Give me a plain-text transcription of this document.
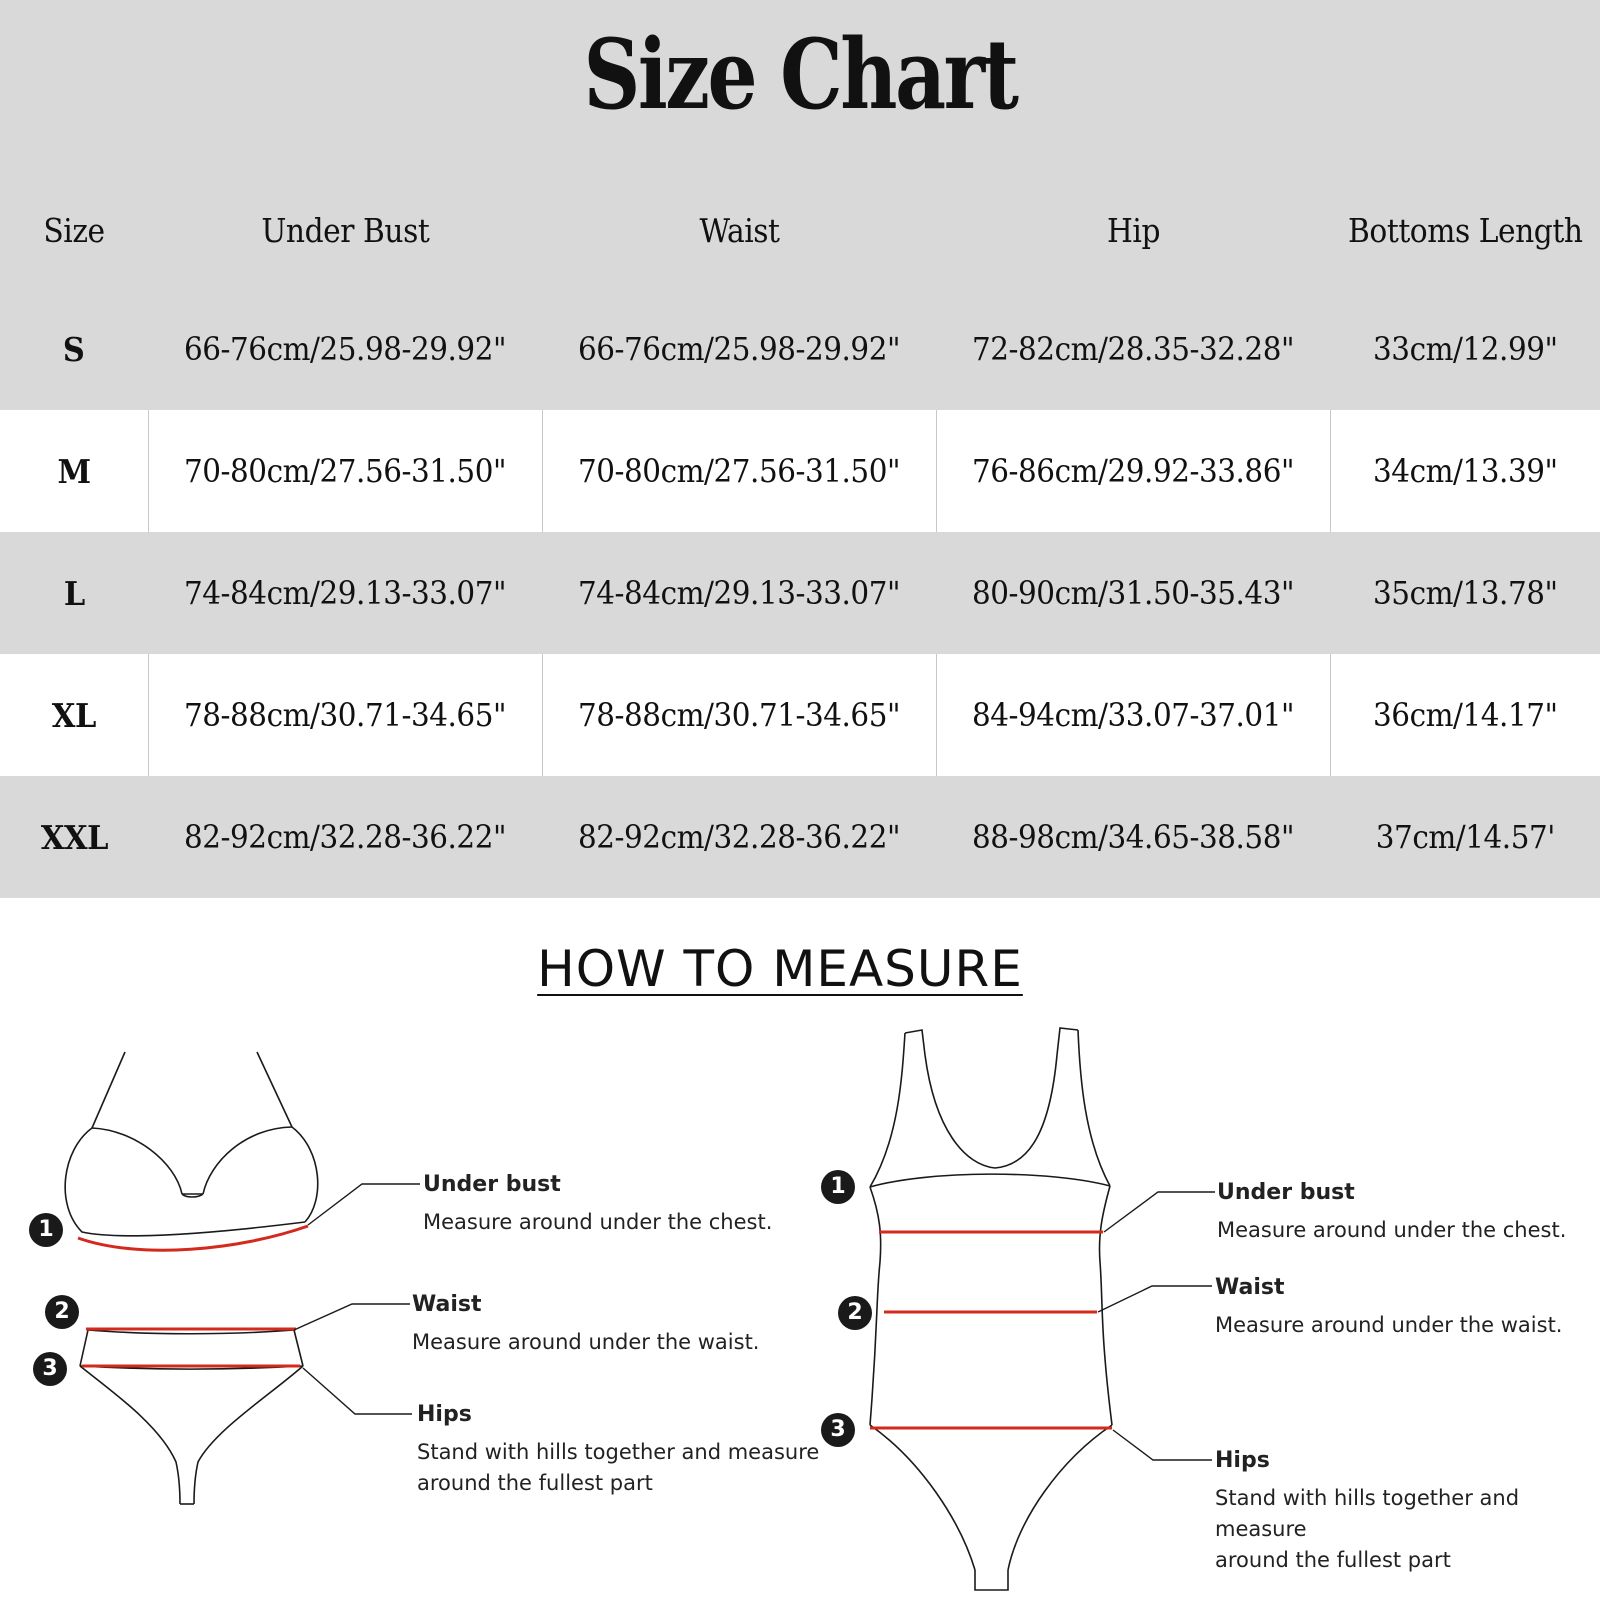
Size Chart
Size	Under Bust	Waist	Hip	Bottoms Length
S	66-76cm/25.98-29.92"	66-76cm/25.98-29.92"	72-82cm/28.35-32.28"	33cm/12.99"
M	70-80cm/27.56-31.50"	70-80cm/27.56-31.50"	76-86cm/29.92-33.86"	34cm/13.39"
L	74-84cm/29.13-33.07"	74-84cm/29.13-33.07"	80-90cm/31.50-35.43"	35cm/13.78"
XL	78-88cm/30.71-34.65"	78-88cm/30.71-34.65"	84-94cm/33.07-37.01"	36cm/14.17"
XXL	82-92cm/32.28-36.22"	82-92cm/32.28-36.22"	88-98cm/34.65-38.58"	37cm/14.57'
HOW TO MEASURE
1
2
3
Under bust
Measure around under the chest.
Waist
Measure around under the waist.
Hips
Stand with hills together and measure
around the fullest part
1
2
3
Under bust
Measure around under the chest.
Waist
Measure around under the waist.
Hips
Stand with hills together and measure
around the fullest part
